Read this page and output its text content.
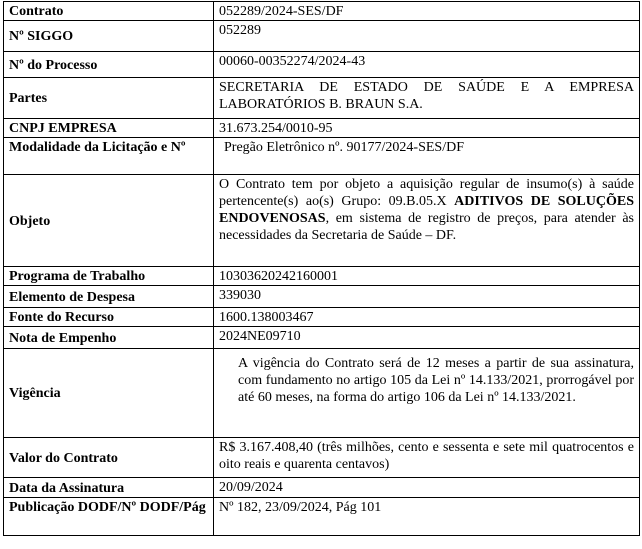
Contrato	052289/2024-SES/DF
Nº SIGGO	052289
Nº do Processo	00060-00352274/2024-43
Partes	SECRETARIA DE ESTADO DE SAÚDE E A EMPRESA LABORATÓRIOS B. BRAUN S.A.
CNPJ EMPRESA	31.673.254/0010-95
Modalidade da Licitação e Nº	Pregão Eletrônico nº. 90177/2024-SES/DF
Objeto	O Contrato tem por objeto a aquisição regular de insumo(s) à saúde pertencente(s) ao(s) Grupo: 09.B.05.X ADITIVOS DE SOLUÇÕES ENDOVENOSAS, em sistema de registro de preços, para atender às necessidades da Secretaria de Saúde – DF.
Programa de Trabalho	10303620242160001
Elemento de Despesa	339030
Fonte do Recurso	1600.138003467
Nota de Empenho	2024NE09710
Vigência	A vigência do Contrato será de 12 meses a partir de sua assinatura, com fundamento no artigo 105 da Lei nº 14.133/2021, prorrogável por até 60 meses, na forma do artigo 106 da Lei nº 14.133/2021.
Valor do Contrato	R$ 3.167.408,40 (três milhões, cento e sessenta e sete mil quatrocentos e oito reais e quarenta centavos)
Data da Assinatura	20/09/2024
Publicação DODF/Nº DODF/Pág	Nº 182, 23/09/2024, Pág 101
